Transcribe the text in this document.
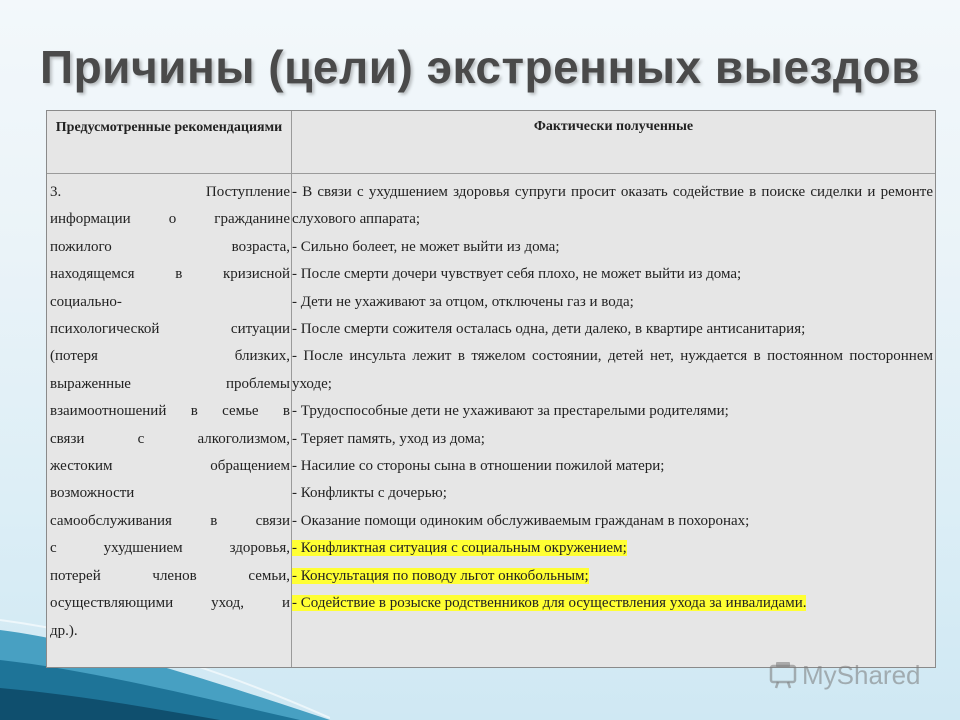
Причины (цели) экстренных выездов
Предусмотренные рекомендациями	Фактически полученные
3. Поступление
информации о гражданине
пожилого возраста,
находящемся в кризисной
социально-
психологической ситуации
(потеря близких,
выраженные проблемы
взаимоотношений в семье в
связи с алкоголизмом,
жестоким обращением
возможности
самообслуживания в связи
с ухудшением здоровья,
потерей членов семьи,
осуществляющими уход, и
др.).
- В связи с ухудшением здоровья супруги просит оказать содействие в поиске сиделки и ремонте слухового аппарата;
- Сильно болеет, не может выйти из дома;
- После смерти дочери чувствует себя плохо, не может выйти из дома;
- Дети не ухаживают за отцом, отключены газ и вода;
- После смерти сожителя осталась одна, дети далеко, в квартире антисанитария;
- После инсульта лежит в тяжелом состоянии, детей нет, нуждается в постоянном постороннем уходе;
- Трудоспособные дети не ухаживают за престарелыми родителями;
- Теряет память, уход из дома;
- Насилие со стороны сына в отношении пожилой матери;
- Конфликты с дочерью;
- Оказание помощи одиноким обслуживаемым гражданам в похоронах;
- Конфликтная ситуация с социальным окружением;
- Консультация по поводу льгот онкобольным;
- Содействие в розыске родственников для осуществления ухода за инвалидами.
MyShared
